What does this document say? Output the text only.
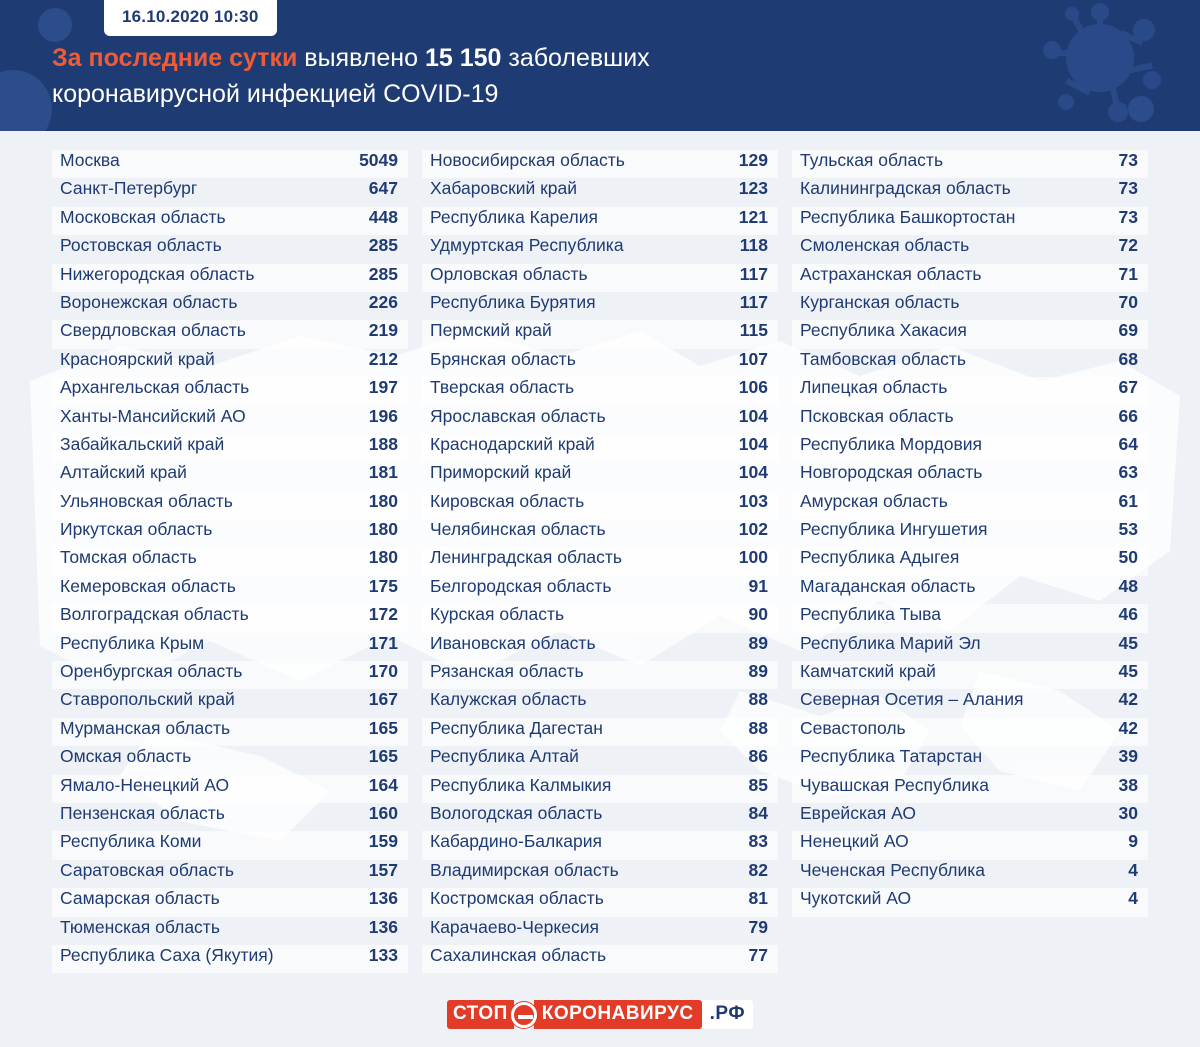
16.10.2020 10:30
За последние сутки выявлено 15 150 заболевших
коронавирусной инфекцией COVID-19
Москва	5049
Санкт-Петербург	647
Московская область	448
Ростовская область	285
Нижегородская область	285
Воронежская область	226
Свердловская область	219
Красноярский край	212
Архангельская область	197
Ханты-Мансийский АО	196
Забайкальский край	188
Алтайский край	181
Ульяновская область	180
Иркутская область	180
Томская область	180
Кемеровская область	175
Волгоградская область	172
Республика Крым	171
Оренбургская область	170
Ставропольский край	167
Мурманская область	165
Омская область	165
Ямало-Ненецкий АО	164
Пензенская область	160
Республика Коми	159
Саратовская область	157
Самарская область	136
Тюменская область	136
Республика Саха (Якутия)	133
Новосибирская область	129
Хабаровский край	123
Республика Карелия	121
Удмуртская Республика	118
Орловская область	117
Республика Бурятия	117
Пермский край	115
Брянская область	107
Тверская область	106
Ярославская область	104
Краснодарский край	104
Приморский край	104
Кировская область	103
Челябинская область	102
Ленинградская область	100
Белгородская область	91
Курская область	90
Ивановская область	89
Рязанская область	89
Калужская область	88
Республика Дагестан	88
Республика Алтай	86
Республика Калмыкия	85
Вологодская область	84
Кабардино-Балкария	83
Владимирская область	82
Костромская область	81
Карачаево-Черкесия	79
Сахалинская область	77
Тульская область	73
Калининградская область	73
Республика Башкортостан	73
Смоленская область	72
Астраханская область	71
Курганская область	70
Республика Хакасия	69
Тамбовская область	68
Липецкая область	67
Псковская область	66
Республика Мордовия	64
Новгородская область	63
Амурская область	61
Республика Ингушетия	53
Республика Адыгея	50
Магаданская область	48
Республика Тыва	46
Республика Марий Эл	45
Камчатский край	45
Северная Осетия – Алания	42
Севастополь	42
Республика Татарстан	39
Чувашская Республика	38
Еврейская АО	30
Ненецкий АО	9
Чеченская Республика	4
Чукотский АО	4
СТОП	КОРОНАВИРУС .РФ
